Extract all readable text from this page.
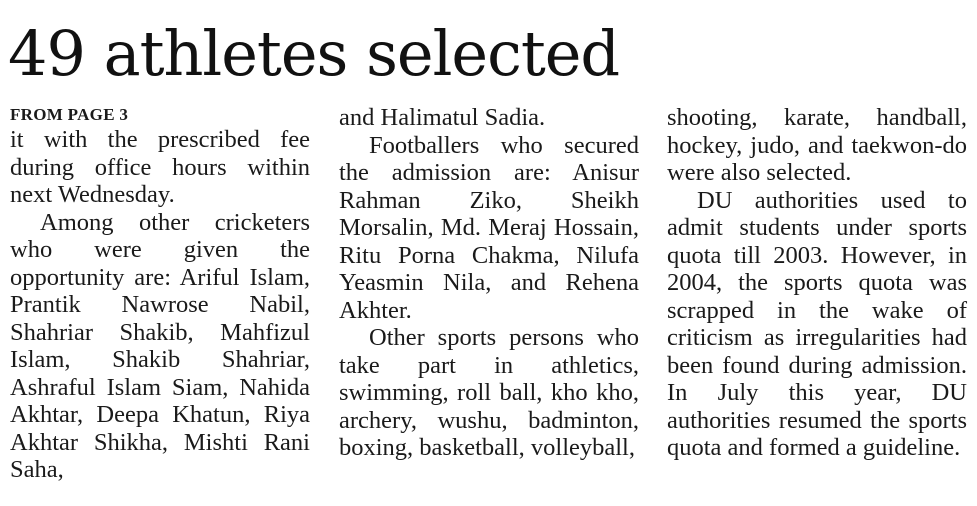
49 athletes selected
FROM PAGE 3

it with the prescribed fee during office hours within next Wednesday.

Among other cricketers who were given the opportunity are: Ariful Islam, Prantik Nawrose Nabil, Shahriar Shakib, Mahfizul Islam, Shakib Shahriar, Ashraful Islam Siam, Nahida Akhtar, Deepa Khatun, Riya Akhtar Shikha, Mishti Rani Saha,

and Halimatul Sadia.

Footballers who secured the admission are: Anisur Rahman Ziko, Sheikh Morsalin, Md. Meraj Hossain, Ritu Porna Chakma, Nilufa Yeasmin Nila, and Rehena Akhter.

Other sports persons who take part in athletics, swimming, roll ball, kho kho, archery, wushu, badminton, boxing, basketball, volleyball,

shooting, karate, handball, hockey, judo, and taekwon-do were also selected.

DU authorities used to admit students under sports quota till 2003. However, in 2004, the sports quota was scrapped in the wake of criticism as irregularities had been found during admission. In July this year, DU authorities resumed the sports quota and formed a guideline.
